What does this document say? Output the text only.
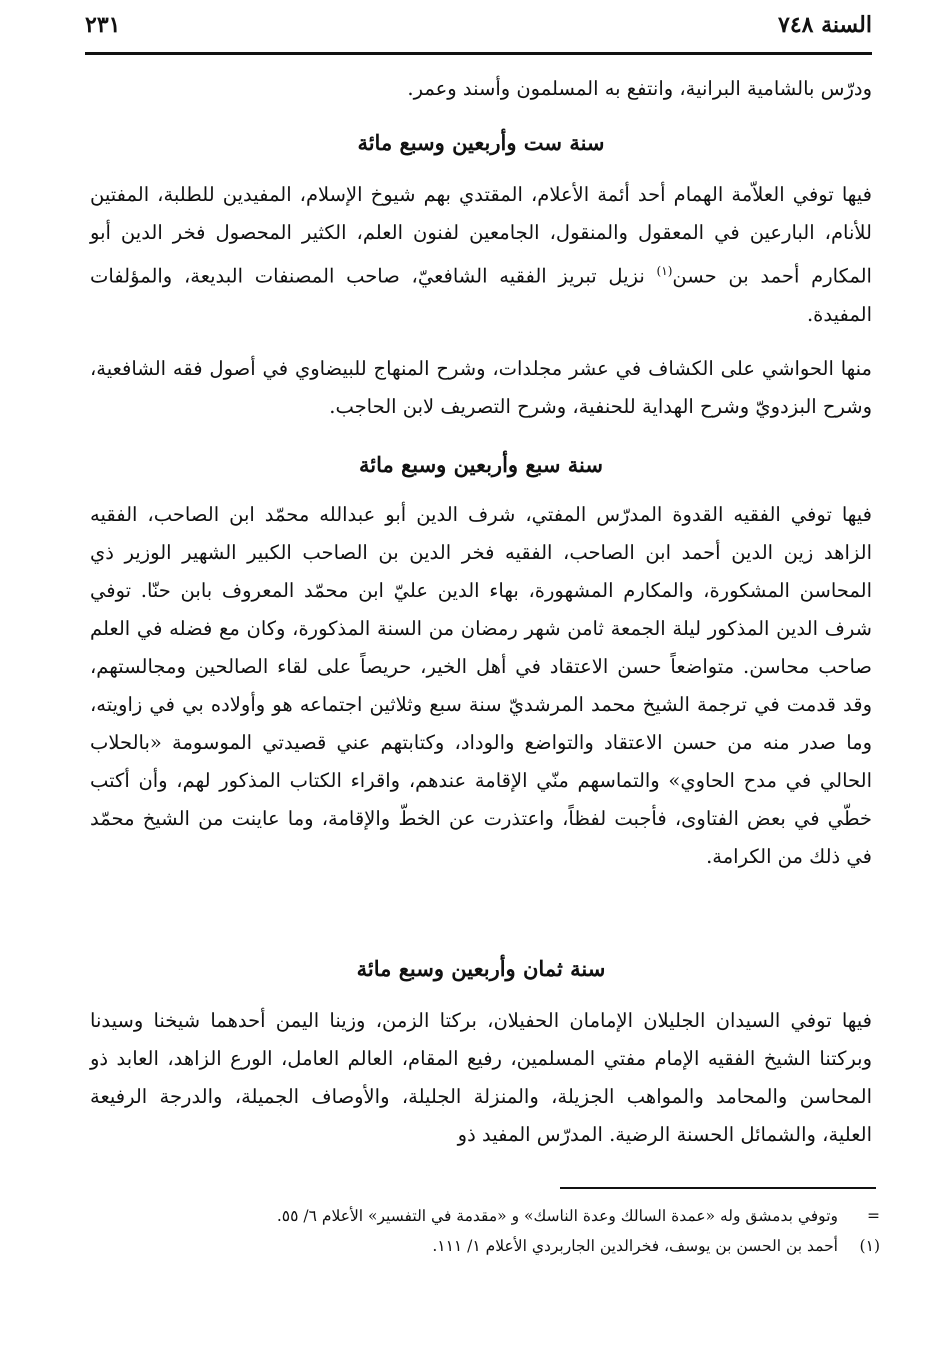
السنة ٧٤٨
٢٣١

ودرّس بالشامية البرانية، وانتفع به المسلمون وأسند وعمر.

سنة ست وأربعين وسبع مائة

فيها توفي العلاّمة الهمام أحد أئمة الأعلام، المقتدي بهم شيوخ الإسلام، المفيدين للطلبة، المفتين للأنام، البارعين في المعقول والمنقول، الجامعين لفنون العلم، الكثير المحصول فخر الدين أبو المكارم أحمد بن حسن$^{(١)}$ نزيل تبريز الفقيه الشافعيّ، صاحب المصنفات البديعة، والمؤلفات المفيدة.

منها الحواشي على الكشاف في عشر مجلدات، وشرح المنهاج للبيضاوي في أصول فقه الشافعية، وشرح البزدويّ وشرح الهداية للحنفية، وشرح التصريف لابن الحاجب.

سنة سبع وأربعين وسبع مائة

فيها توفي الفقيه القدوة المدرّس المفتي، شرف الدين أبو عبدالله محمّد ابن الصاحب، الفقيه الزاهد زين الدين أحمد ابن الصاحب، الفقيه فخر الدين بن الصاحب الكبير الشهير الوزير ذي المحاسن المشكورة، والمكارم المشهورة، بهاء الدين عليّ ابن محمّد المعروف بابن حنّا. توفي شرف الدين المذكور ليلة الجمعة ثامن شهر رمضان من السنة المذكورة، وكان مع فضله في العلم صاحب محاسن. متواضعاً حسن الاعتقاد في أهل الخير، حريصاً على لقاء الصالحين ومجالستهم، وقد قدمت في ترجمة الشيخ محمد المرشديّ سنة سبع وثلاثين اجتماعه هو وأولاده بي في زاويته، وما صدر منه من حسن الاعتقاد والتواضع والوداد، وكتابتهم عني قصيدتي الموسومة «بالحلاب الحالي في مدح الحاوي» والتماسهم منّي الإقامة عندهم، واقراء الكتاب المذكور لهم، وأن أكتب خطّي في بعض الفتاوى، فأجبت لفظاً، واعتذرت عن الخطّ والإقامة، وما عاينت من الشيخ محمّد في ذلك من الكرامة.

سنة ثمان وأربعين وسبع مائة

فيها توفي السيدان الجليلان الإمامان الحفيلان، بركتا الزمن، وزينا اليمن أحدهما شيخنا وسيدنا وبركتنا الشيخ الفقيه الإمام مفتي المسلمين، رفيع المقام، العالم العامل، الورع الزاهد، العابد ذو المحاسن والمحامد والمواهب الجزيلة، والمنزلة الجليلة، والأوصاف الجميلة، والدرجة الرفيعة العلية، والشمائل الحسنة الرضية. المدرّس المفيد ذو

=
وتوفي بدمشق وله «عمدة السالك وعدة الناسك» و «مقدمة في التفسير» الأعلام ٦/ ٥٥.
(١)
أحمد بن الحسن بن يوسف، فخرالدين الجاربردي الأعلام ١/ ١١١.
